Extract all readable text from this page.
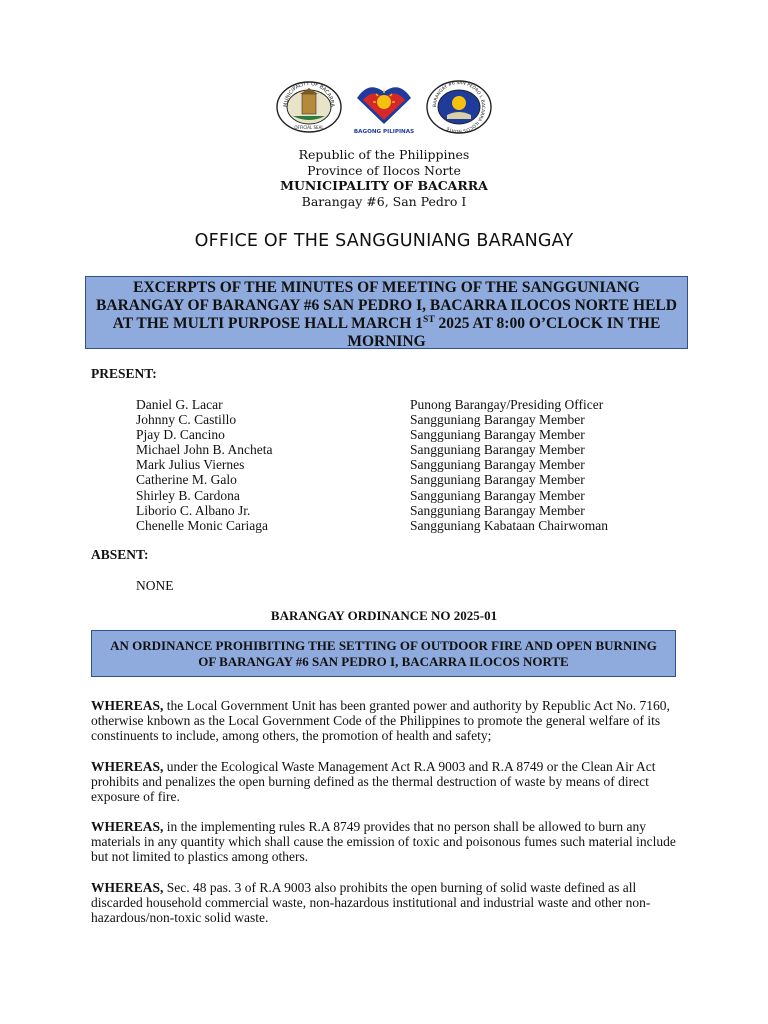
MUNICIPALITY OF BACARRA
OFFICIAL SEAL
BAGONG PILIPINAS
BARANGAY #6 SAN PEDRO I, BACARRA ILOCOS NORTE
Republic of the Philippines
Province of Ilocos Norte
MUNICIPALITY OF BACARRA
Barangay #6, San Pedro I
OFFICE OF THE SANGGUNIANG BARANGAY
EXCERPTS OF THE MINUTES OF MEETING OF THE SANGGUNIANG BARANGAY OF BARANGAY #6 SAN PEDRO I, BACARRA ILOCOS NORTE HELD AT THE MULTI PURPOSE HALL MARCH 1ST 2025 AT 8:00 O’CLOCK IN THE MORNING
PRESENT:
Daniel G. Lacar	Punong Barangay/Presiding Officer
Johnny C. Castillo	Sangguniang Barangay Member
Pjay D. Cancino	Sangguniang Barangay Member
Michael John B. Ancheta	Sangguniang Barangay Member
Mark Julius Viernes	Sangguniang Barangay Member
Catherine M. Galo	Sangguniang Barangay Member
Shirley B. Cardona	Sangguniang Barangay Member
Liborio C. Albano Jr.	Sangguniang Barangay Member
Chenelle Monic Cariaga	Sangguniang Kabataan Chairwoman
ABSENT:
NONE
BARANGAY ORDINANCE NO 2025-01
AN ORDINANCE PROHIBITING THE SETTING OF OUTDOOR FIRE AND OPEN BURNING OF BARANGAY #6 SAN PEDRO I, BACARRA ILOCOS NORTE

WHEREAS, the Local Government Unit has been granted power and authority by Republic Act No. 7160, otherwise knbown as the Local Government Code of the Philippines to promote the general welfare of its constinuents to include, among others, the promotion of health and safety;

WHEREAS, under the Ecological Waste Management Act R.A 9003 and R.A 8749 or the Clean Air Act prohibits and penalizes the open burning defined as the thermal destruction of waste by means of direct exposure of fire.

WHEREAS, in the implementing rules R.A 8749 provides that no person shall be allowed to burn any materials in any quantity which shall cause the emission of toxic and poisonous fumes such material include but not limited to plastics among others.

WHEREAS, Sec. 48 pas. 3 of R.A 9003 also prohibits the open burning of solid waste defined as all discarded household commercial waste, non-hazardous institutional and industrial waste and other non-hazardous/non-toxic solid waste.
